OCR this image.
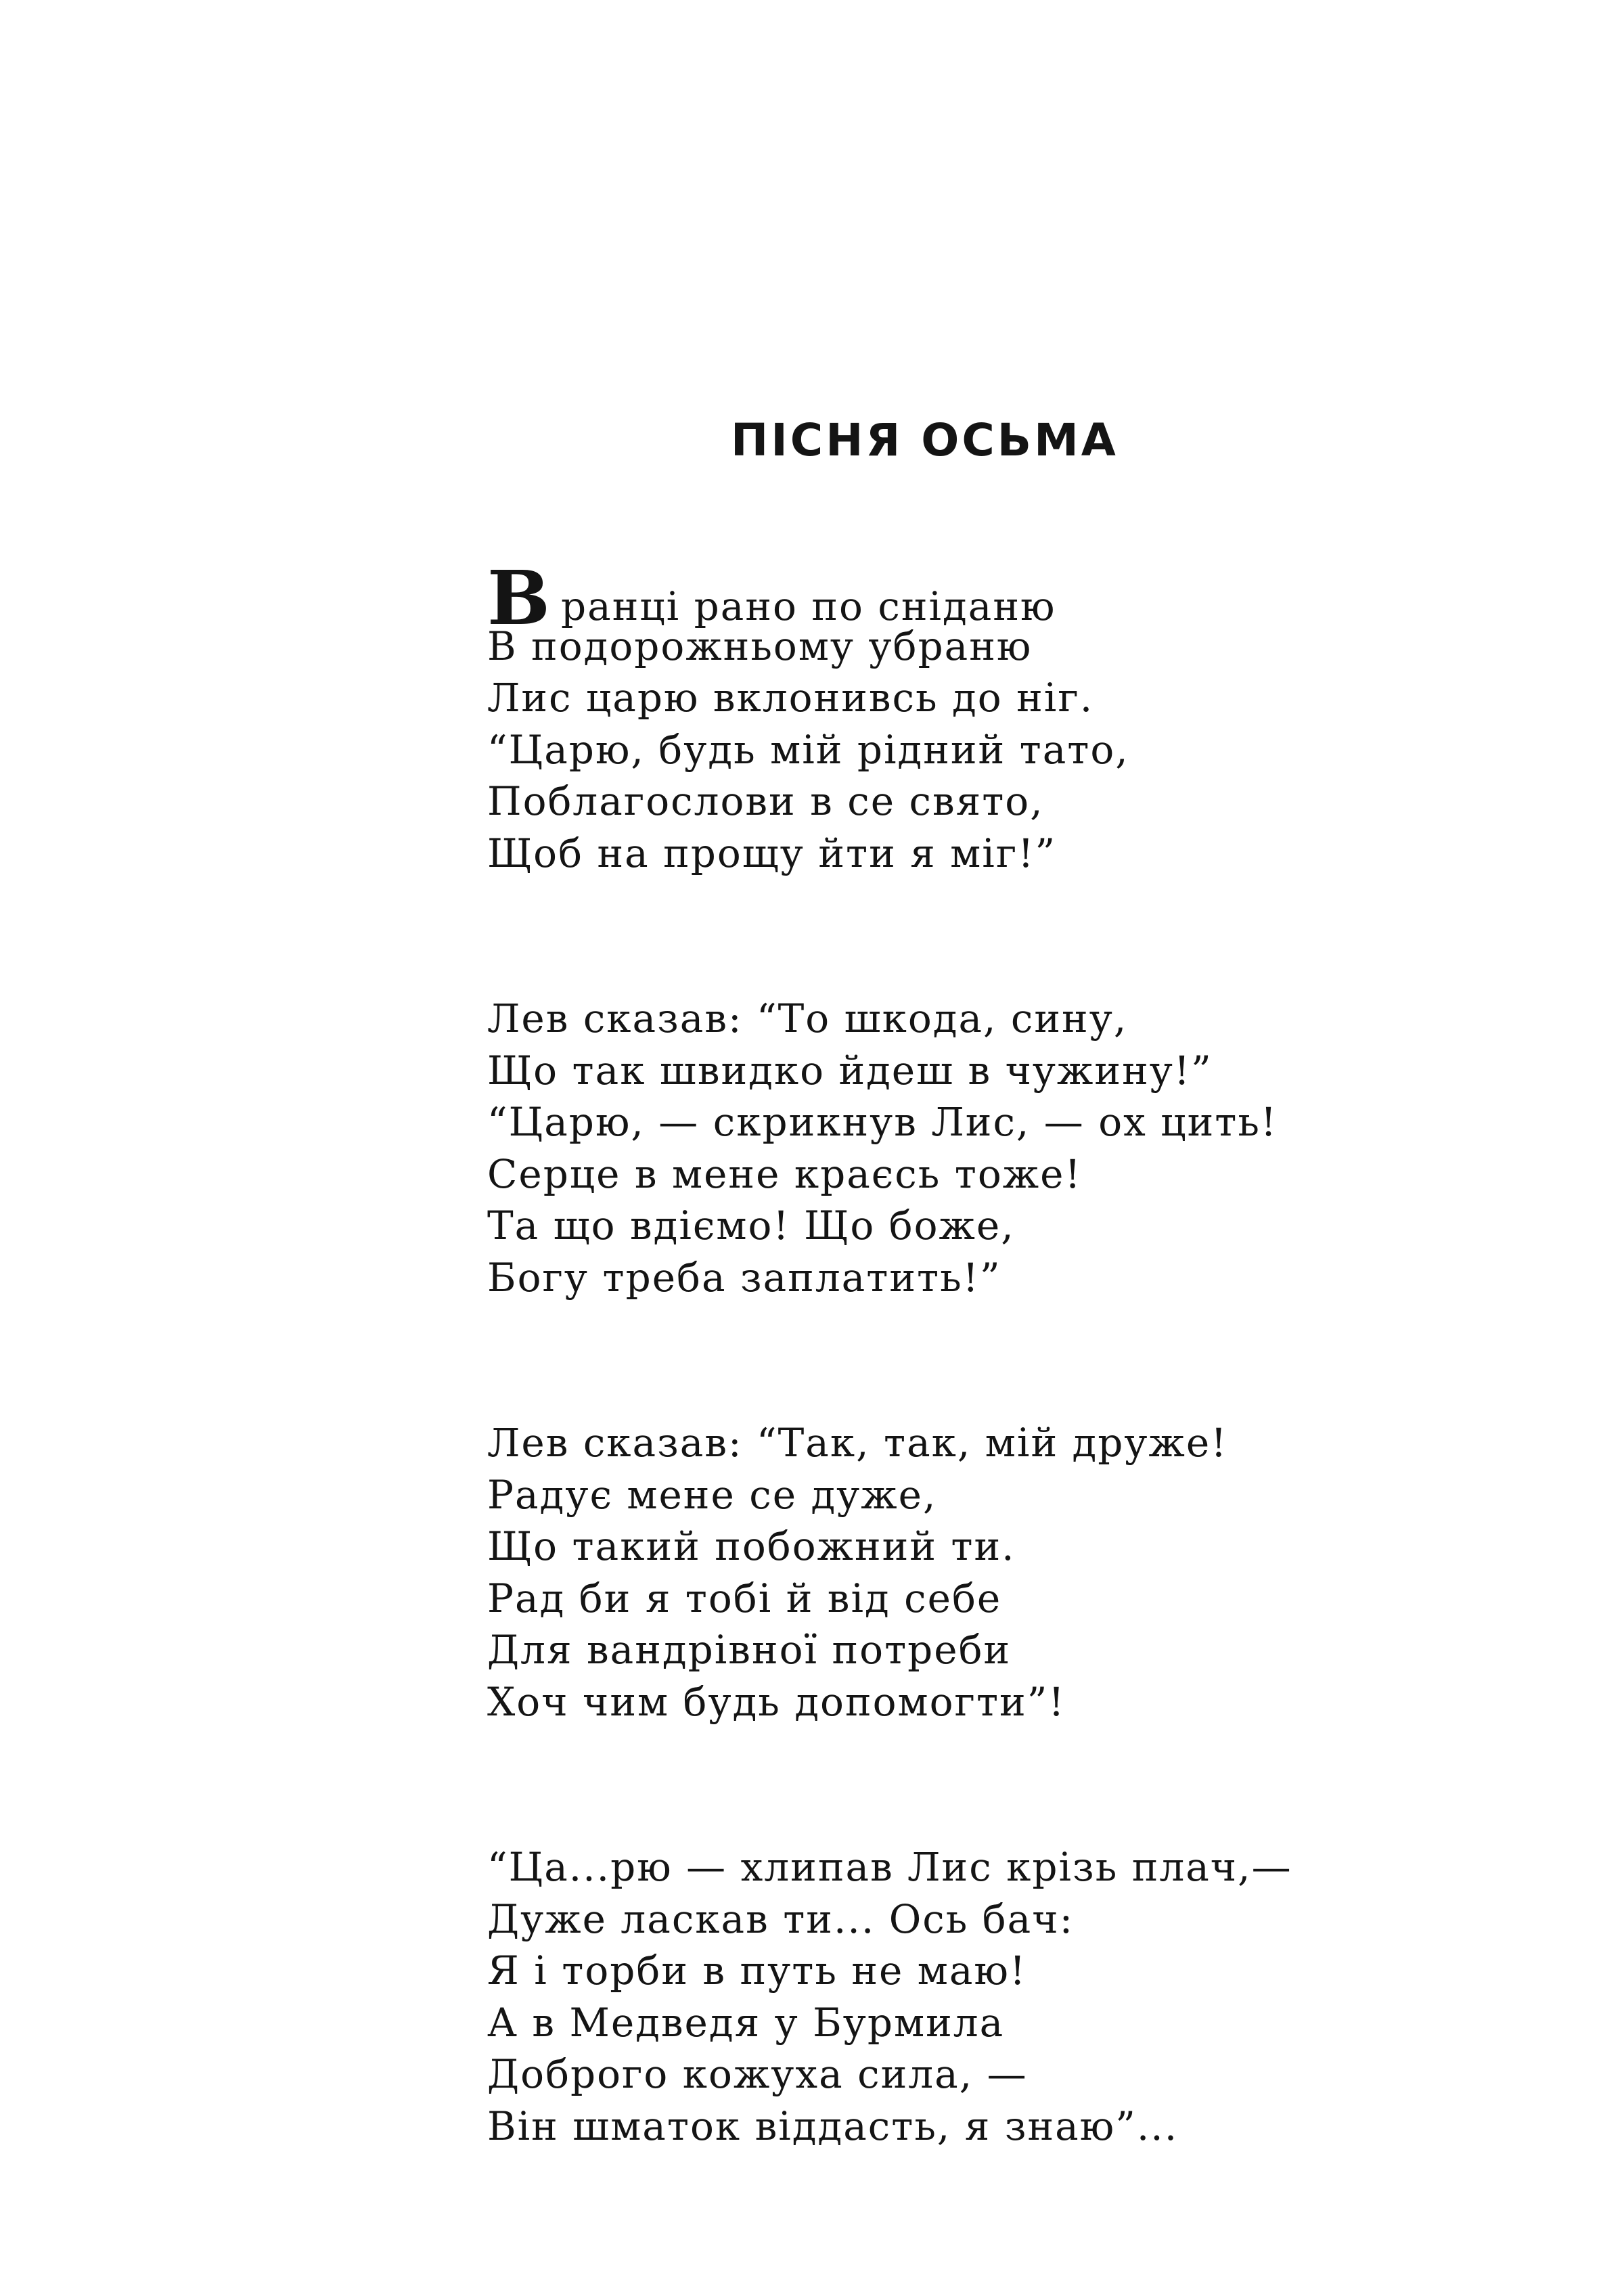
ПІСНЯ ОСЬМА
Вранці рано по сніданю
В подорожньому убраню
Лис царю вклонивсь до ніг.
“Царю, будь мій рідний тато,
Поблагослови в се свято,
Щоб на прощу йти я міг!”
Лев сказав: “То шкода, сину,
Що так швидко йдеш в чужину!”
“Царю, — скрикнув Лис, — ох цить!
Серце в мене краєсь тоже!
Та що вдіємо! Що боже,
Богу треба заплатить!”
Лев сказав: “Так, так, мій друже!
Радує мене се дуже,
Що такий побожний ти.
Рад би я тобі й від себе
Для вандрівної потреби
Хоч чим будь допомогти”!
“Ца...рю — хлипав Лис крізь плач,—
Дуже ласкав ти... Ось бач:
Я і торби в путь не маю!
А в Медведя у Бурмила
Доброго кожуха сила, —
Він шматок віддасть, я знаю”...
